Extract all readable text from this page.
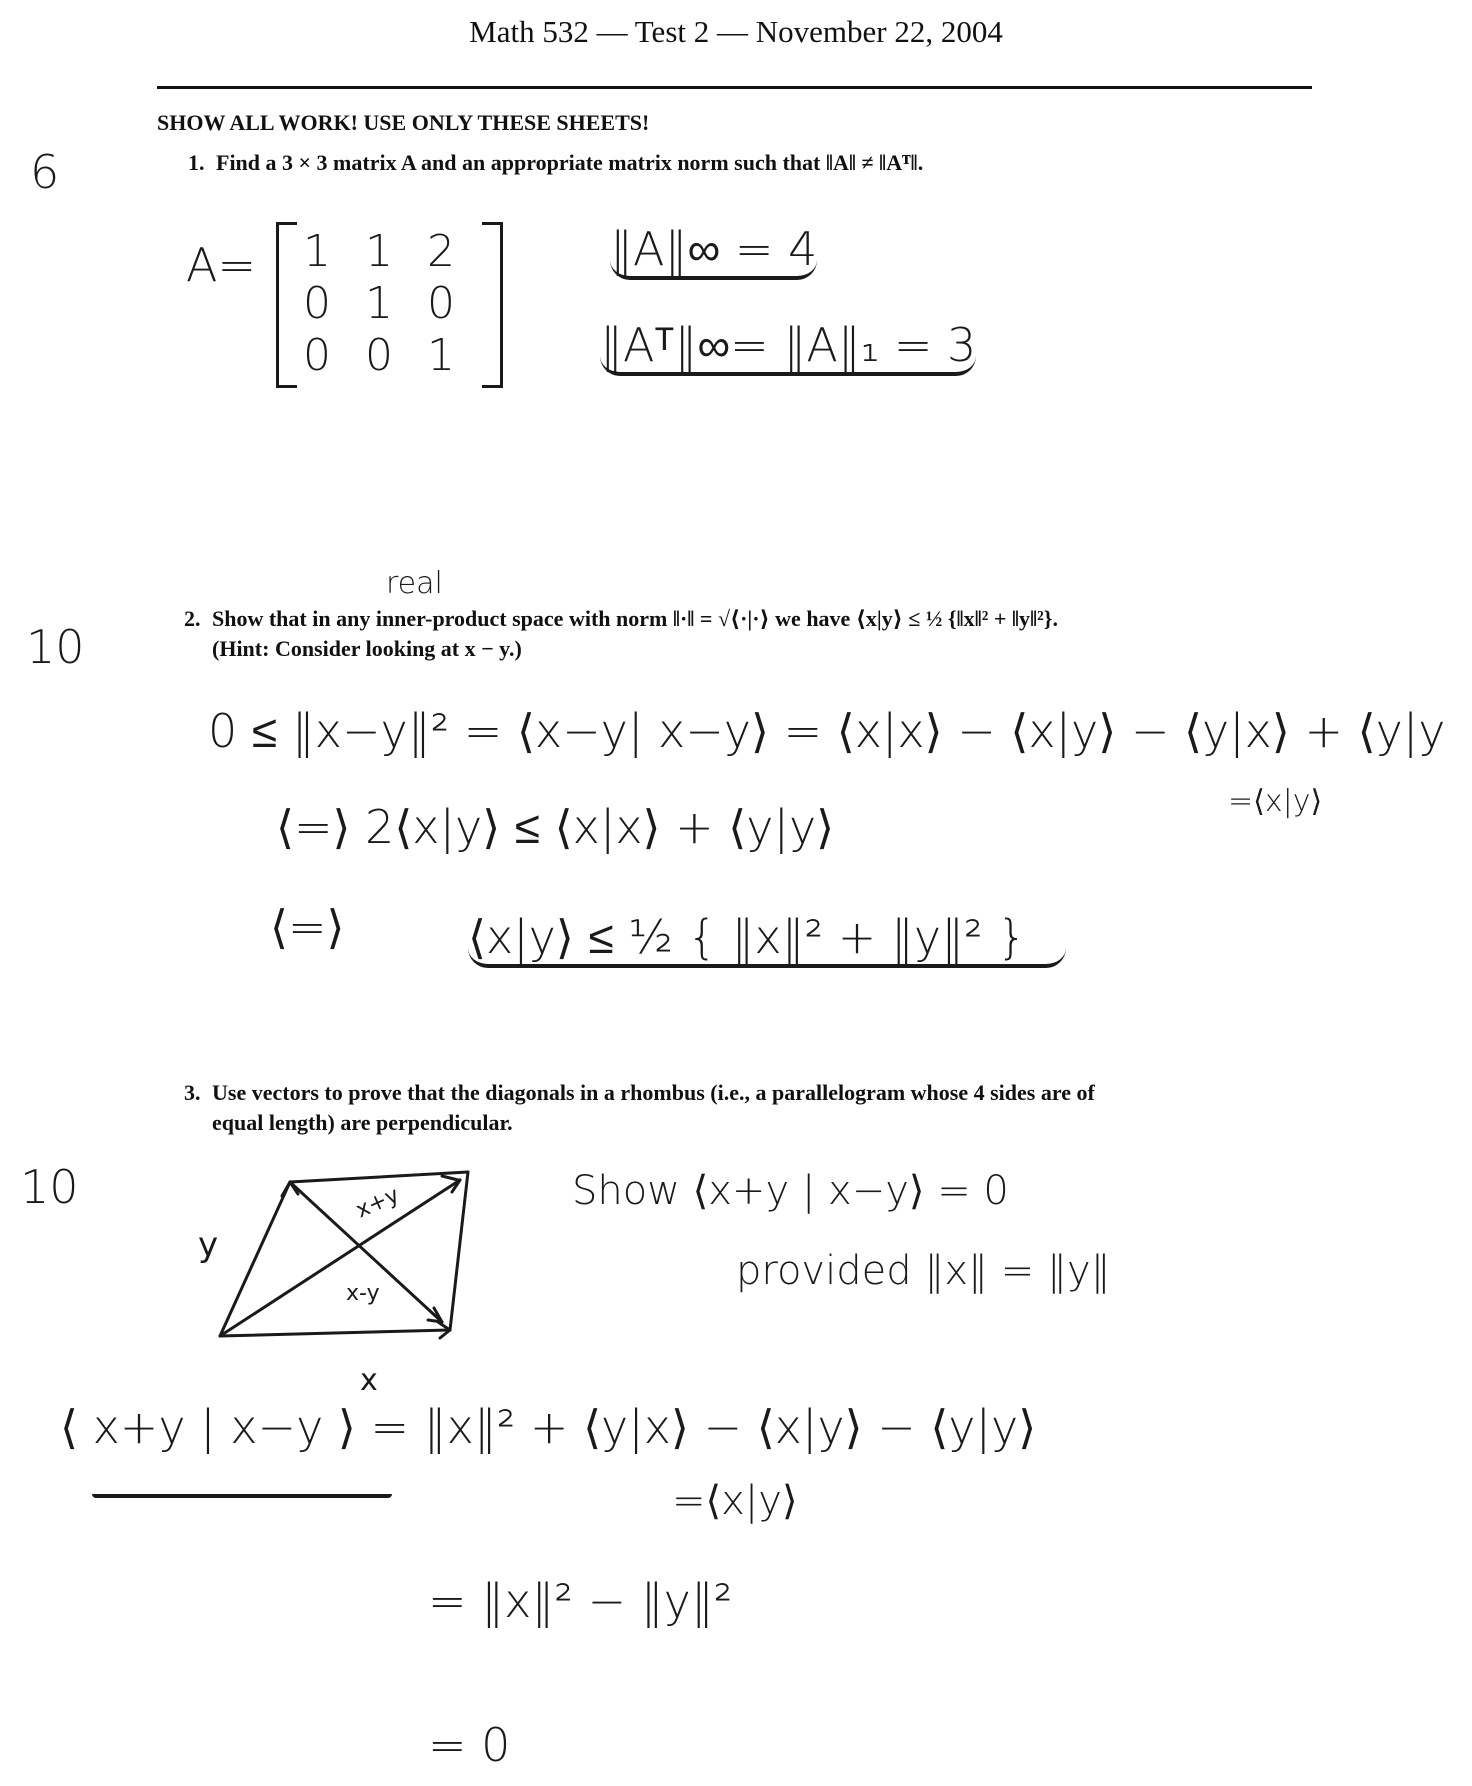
Math 532 — Test 2 — November 22, 2004
SHOW ALL WORK! USE ONLY THESE SHEETS!
6	1. Find a 3 × 3 matrix A and an appropriate matrix norm such that ‖A‖ ≠ ‖Aᵀ‖.
A=	1 1 2
0 1 0
0 0 1
‖A‖∞ = 4
‖Aᵀ‖∞= ‖A‖₁ = 3
real
10
2. Show that in any inner-product space with norm ‖·‖ = √⟨·|·⟩ we have ⟨x|y⟩ ≤ ½ {‖x‖² + ‖y‖²}.
(Hint: Consider looking at x − y.)
0 ≤ ‖x−y‖² = ⟨x−y| x−y⟩ = ⟨x|x⟩ − ⟨x|y⟩ − ⟨y|x⟩ + ⟨y|y
=⟨x|y⟩
⟨=⟩ 2⟨x|y⟩ ≤ ⟨x|x⟩ + ⟨y|y⟩
⟨=⟩	⟨x|y⟩ ≤ ½ { ‖x‖² + ‖y‖² }
3. Use vectors to prove that the diagonals in a rhombus (i.e., a parallelogram whose 4 sides are of
equal length) are perpendicular.
10
y
x
x+y
x-y
Show ⟨x+y | x−y⟩ = 0
provided ‖x‖ = ‖y‖
⟨ x+y | x−y ⟩ = ‖x‖² + ⟨y|x⟩ − ⟨x|y⟩ − ⟨y|y⟩
=⟨x|y⟩
= ‖x‖² − ‖y‖²
= 0
